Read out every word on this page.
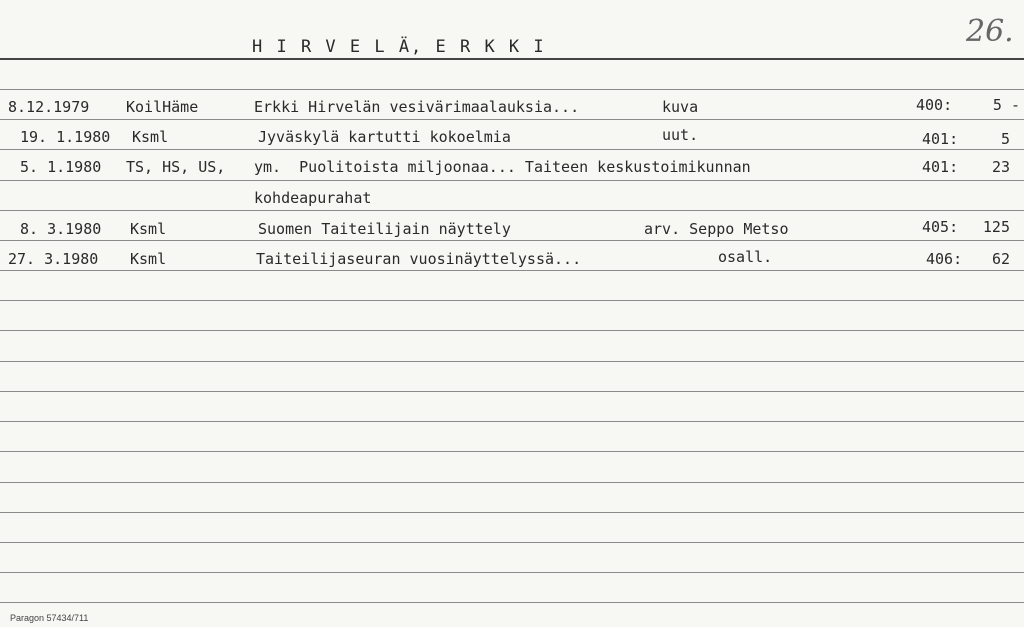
26.
H I R V E L Ä, E R K K I
8.12.1979 KoilHäme	Erkki Hirvelän vesivärimaalauksia...	kuva	400:	5 -
19. 1.1980 Ksml	Jyväskylä kartutti kokoelmia	uut.	401:	5
5. 1.1980 TS, HS, US, ym.  Puolitoista miljoonaa... Taiteen keskustoimikunnan	401:	23
kohdeapurahat
8. 3.1980 Ksml	Suomen Taiteilijain näyttely	arv. Seppo Metso	405:	125
27. 3.1980 Ksml	Taiteilijaseuran vuosinäyttelyssä...	osall.	406:	62
Paragon 57434/711
